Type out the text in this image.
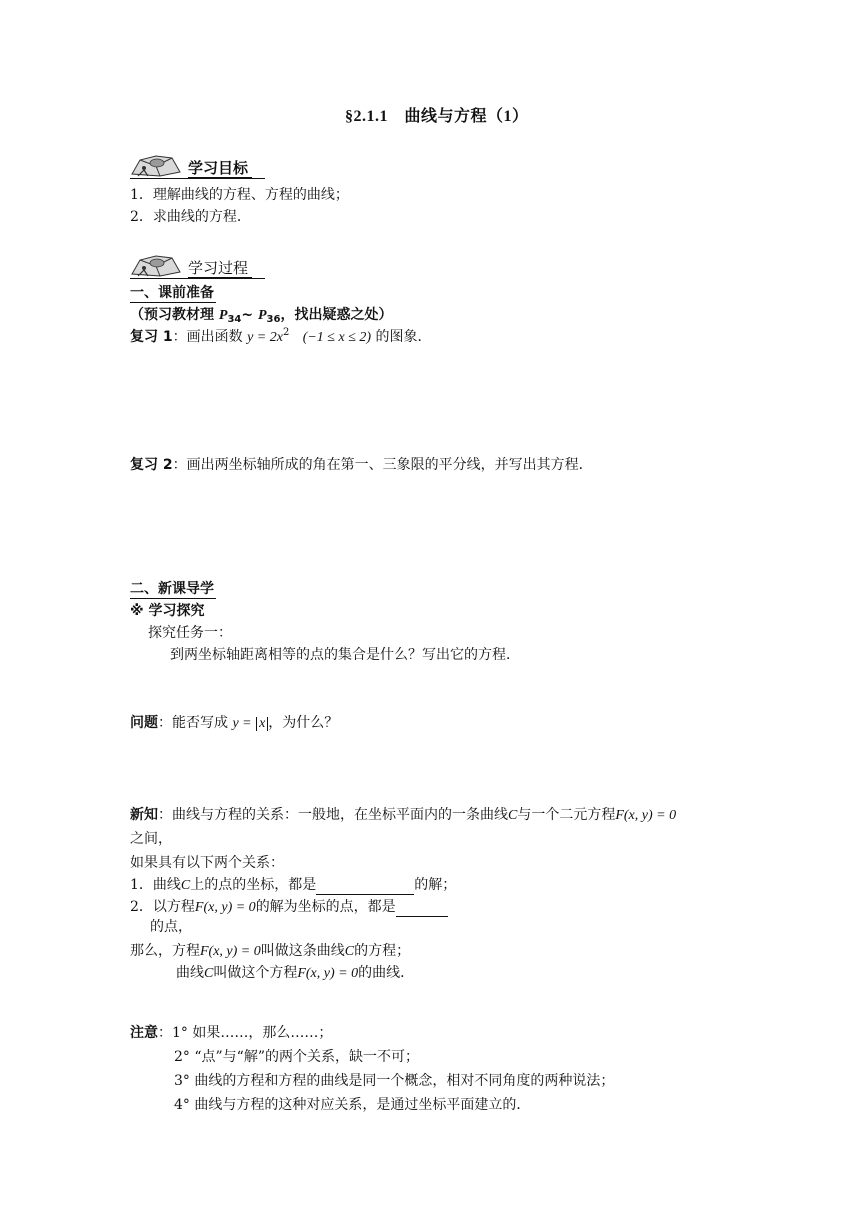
§2.1.1　曲线与方程（1）
学习目标
1．理解曲线的方程、方程的曲线；
2．求曲线的方程．
学习过程
一、课前准备
（预习教材理 $P_{34}\sim$ $P_{36}$，找出疑惑之处）
复习 1：画出函数 $y = 2x^2$ (−1 ≤ x ≤ 2) 的图象．
复习 2：画出两坐标轴所成的角在第一、三象限的平分线，并写出其方程．
二、新课导学
※ 学习探究
探究任务一：
到两坐标轴距离相等的点的集合是什么？写出它的方程．
问题：能否写成 y = x ，为什么？
新知：曲线与方程的关系：一般地，在坐标平面内的一条曲线C与一个二元方程F(x, y) = 0
之间，
如果具有以下两个关系：
1．曲线C上的点的坐标，都是	的解；
2．以方程F(x, y) = 0的解为坐标的点，都是
的点，
那么，方程F(x, y) = 0叫做这条曲线C的方程；
曲线C叫做这个方程F(x, y) = 0的曲线．
注意：1° 如果……，那么……；
2° “点”与“解”的两个关系，缺一不可；
3° 曲线的方程和方程的曲线是同一个概念，相对不同角度的两种说法；
4° 曲线与方程的这种对应关系，是通过坐标平面建立的．
